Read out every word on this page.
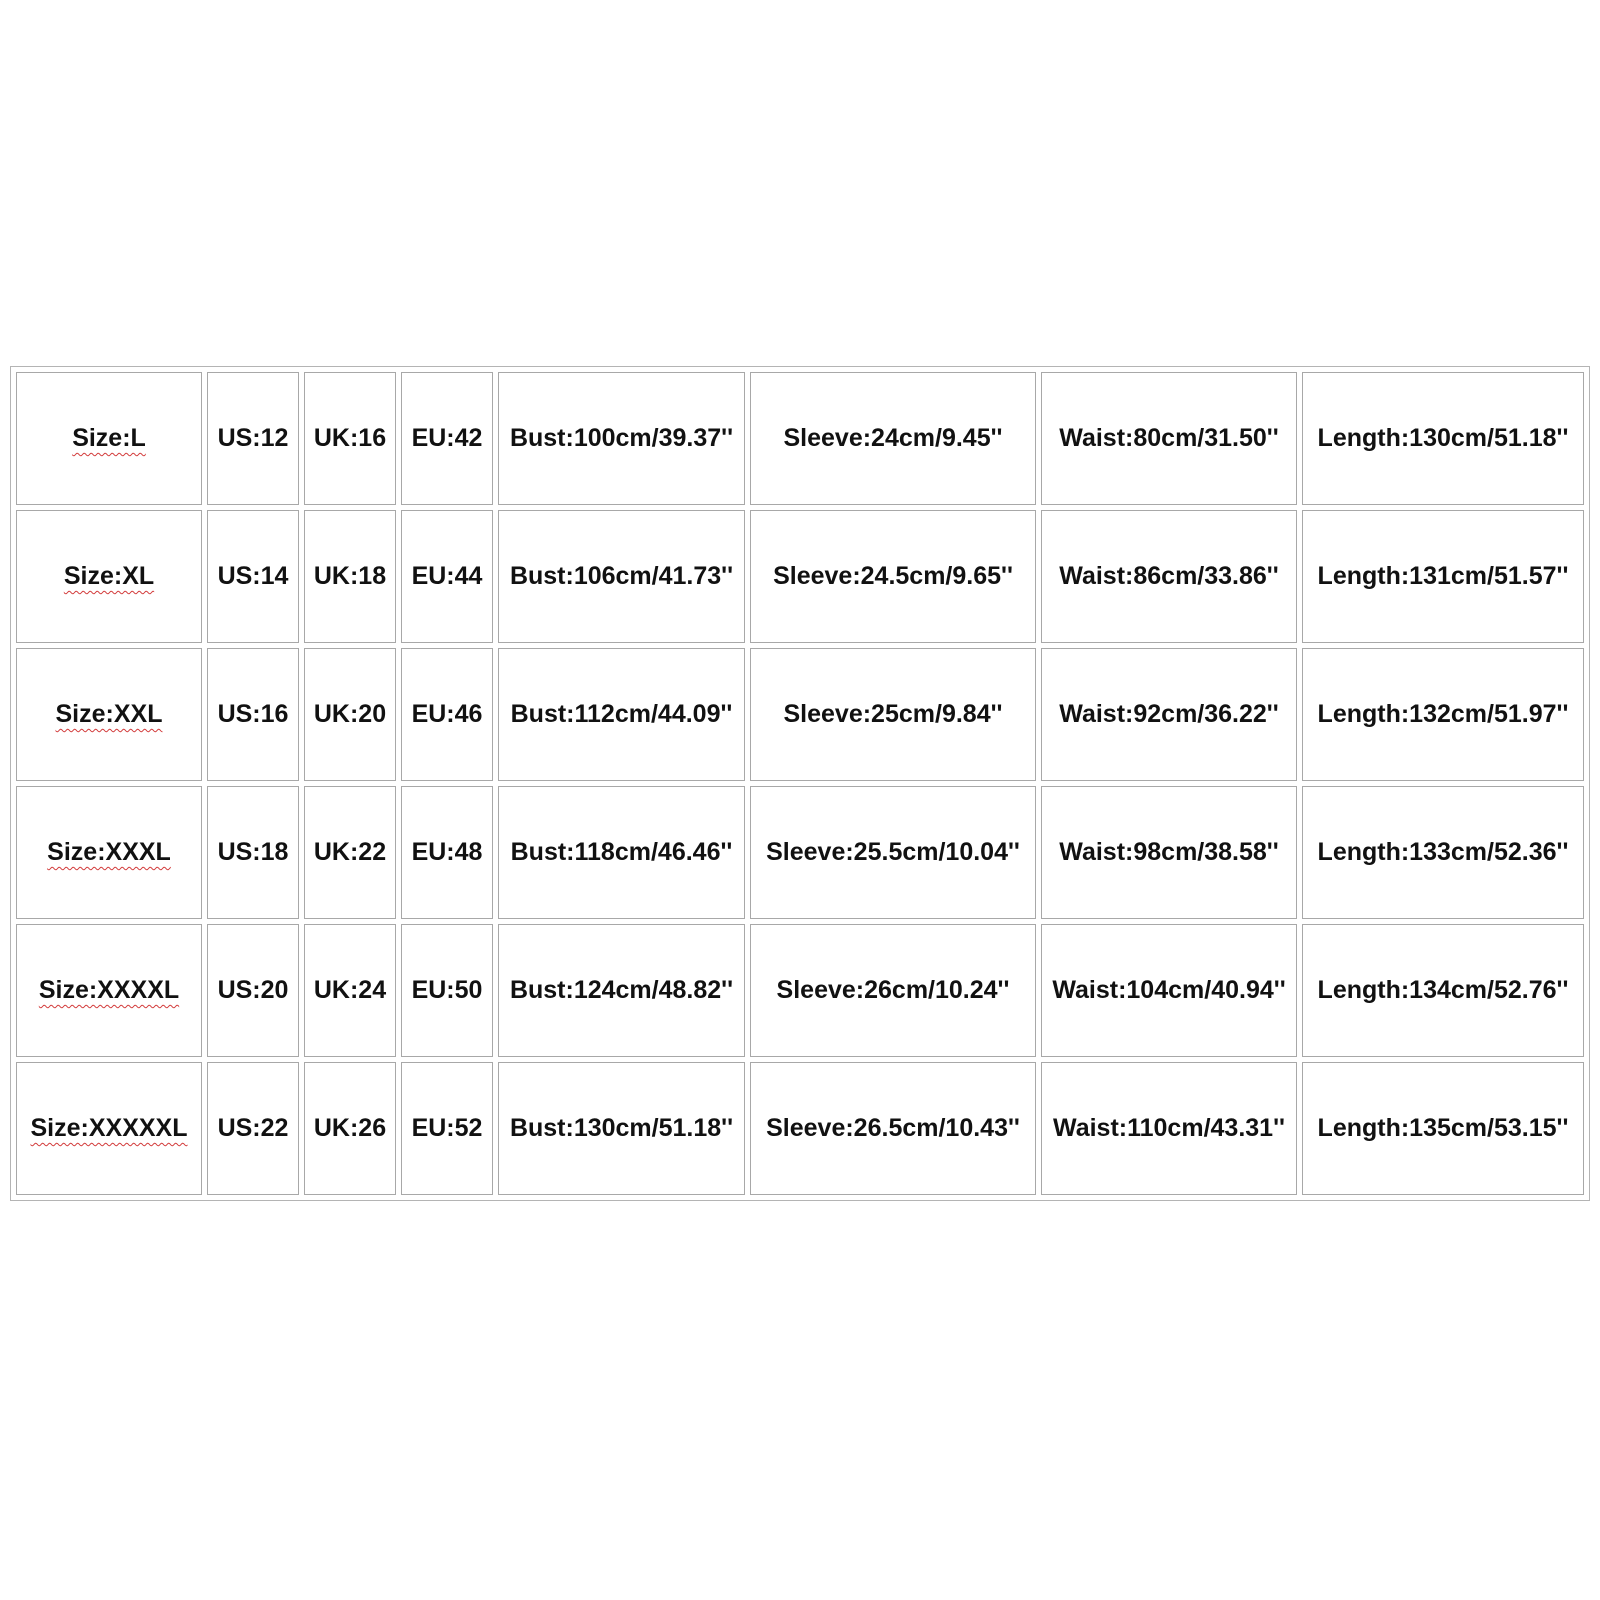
Size:L	US:12	UK:16	EU:42	Bust:100cm/39.37''	Sleeve:24cm/9.45''	Waist:80cm/31.50''	Length:130cm/51.18''
Size:XL	US:14	UK:18	EU:44	Bust:106cm/41.73''	Sleeve:24.5cm/9.65''	Waist:86cm/33.86''	Length:131cm/51.57''
Size:XXL	US:16	UK:20	EU:46	Bust:112cm/44.09''	Sleeve:25cm/9.84''	Waist:92cm/36.22''	Length:132cm/51.97''
Size:XXXL	US:18	UK:22	EU:48	Bust:118cm/46.46''	Sleeve:25.5cm/10.04''	Waist:98cm/38.58''	Length:133cm/52.36''
Size:XXXXL	US:20	UK:24	EU:50	Bust:124cm/48.82''	Sleeve:26cm/10.24''	Waist:104cm/40.94''	Length:134cm/52.76''
Size:XXXXXL	US:22	UK:26	EU:52	Bust:130cm/51.18''	Sleeve:26.5cm/10.43''	Waist:110cm/43.31''	Length:135cm/53.15''
